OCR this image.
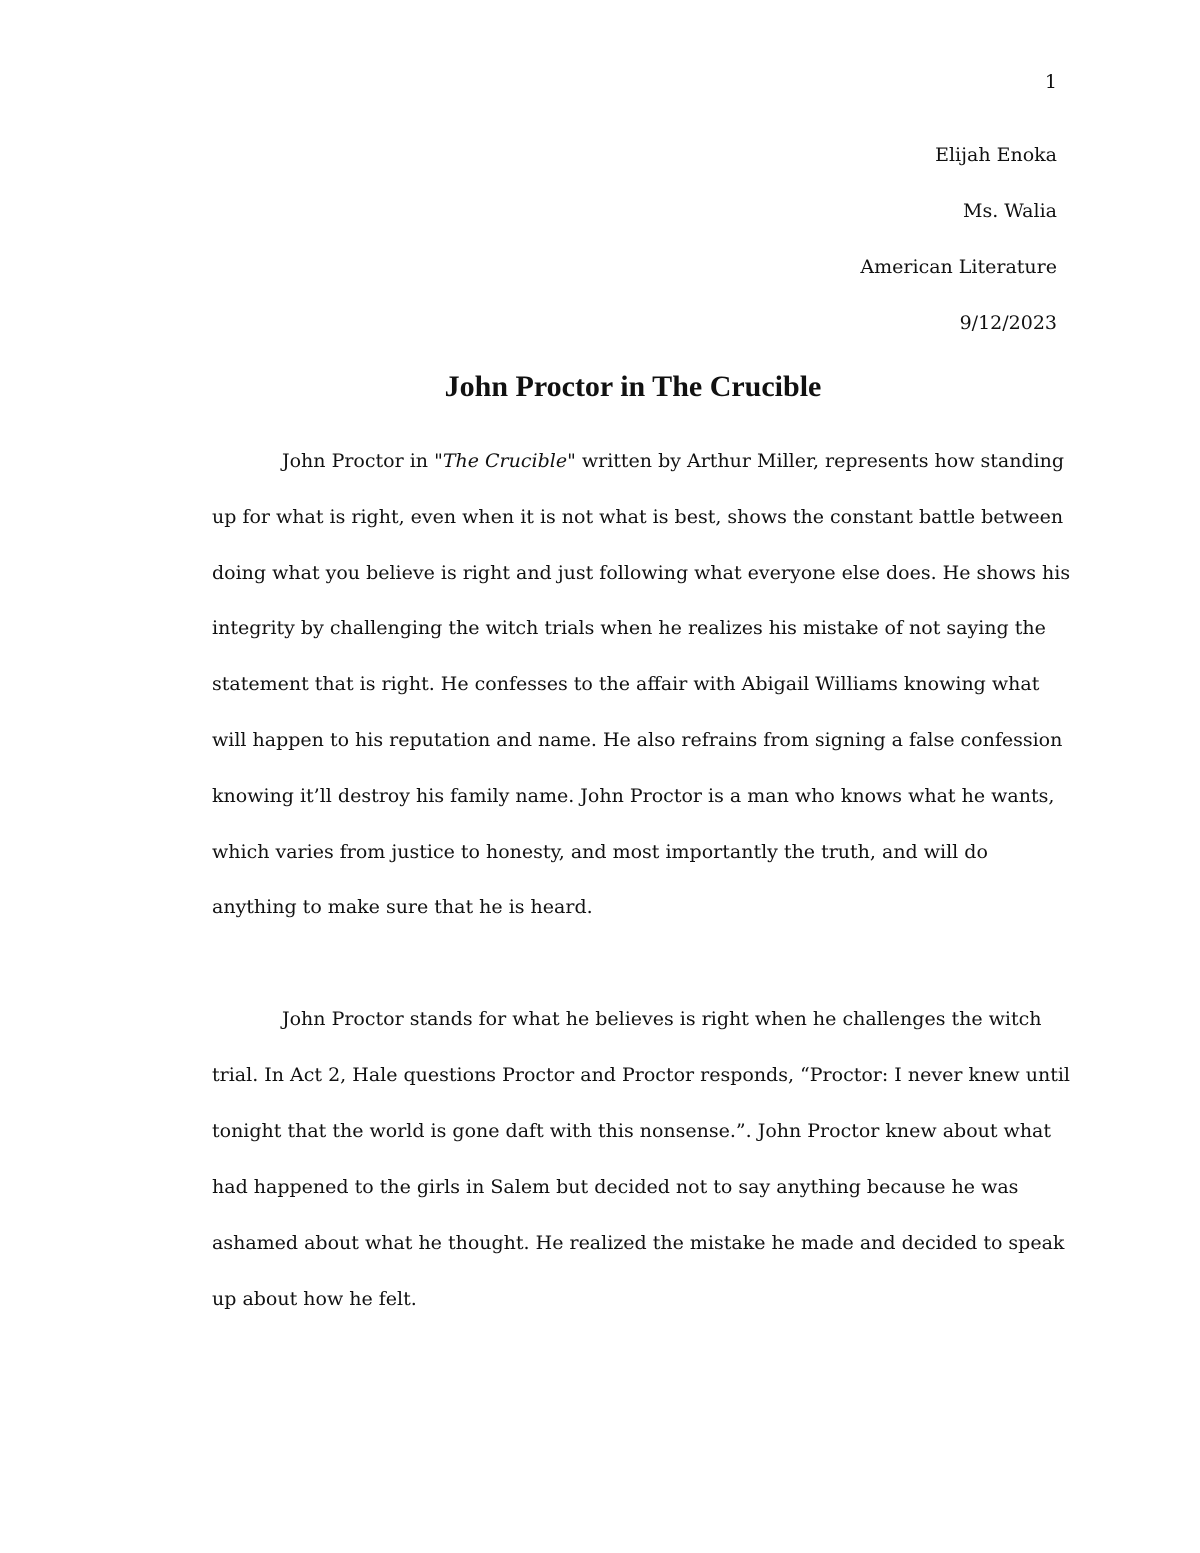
1
Elijah Enoka
Ms. Walia
American Literature
9/12/2023
John Proctor in The Crucible
John Proctor in "The Crucible" written by Arthur Miller, represents how standing
up for what is right, even when it is not what is best, shows the constant battle between
doing what you believe is right and just following what everyone else does. He shows his
integrity by challenging the witch trials when he realizes his mistake of not saying the
statement that is right. He confesses to the affair with Abigail Williams knowing what
will happen to his reputation and name. He also refrains from signing a false confession
knowing it’ll destroy his family name. John Proctor is a man who knows what he wants,
which varies from justice to honesty, and most importantly the truth, and will do
anything to make sure that he is heard.
John Proctor stands for what he believes is right when he challenges the witch
trial. In Act 2, Hale questions Proctor and Proctor responds, “Proctor: I never knew until
tonight that the world is gone daft with this nonsense.”. John Proctor knew about what
had happened to the girls in Salem but decided not to say anything because he was
ashamed about what he thought. He realized the mistake he made and decided to speak
up about how he felt.
